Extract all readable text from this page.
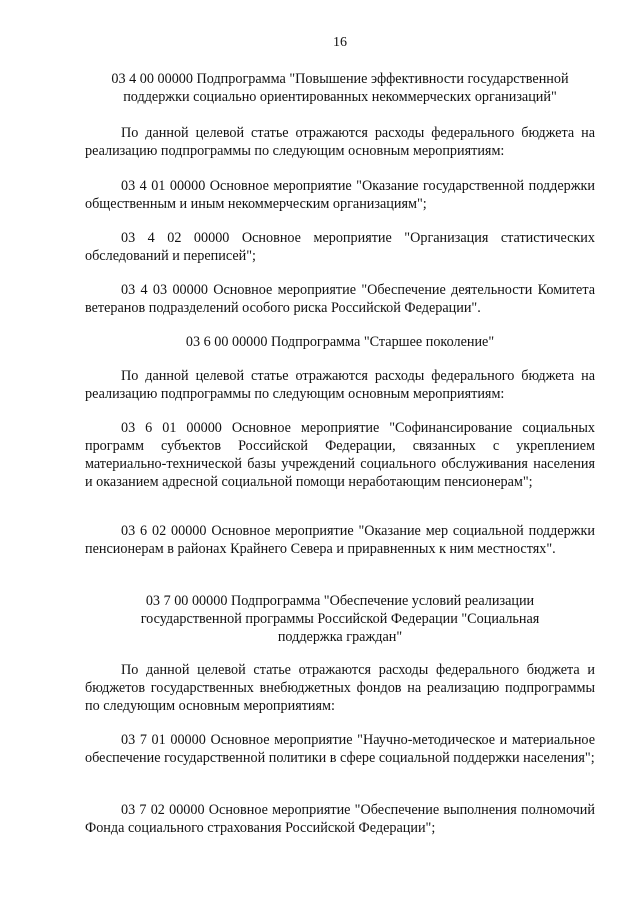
16
03 4 00 00000 Подпрограмма "Повышение эффективности государственной поддержки социально ориентированных некоммерческих организаций"
По данной целевой статье отражаются расходы федерального бюджета на реализацию подпрограммы по следующим основным мероприятиям:
03 4 01 00000 Основное мероприятие "Оказание государственной поддержки общественным и иным некоммерческим организациям";
03 4 02 00000 Основное мероприятие "Организация статистических обследований и переписей";
03 4 03 00000 Основное мероприятие "Обеспечение деятельности Комитета ветеранов подразделений особого риска Российской Федерации".
03 6 00 00000 Подпрограмма "Старшее поколение"
По данной целевой статье отражаются расходы федерального бюджета на реализацию подпрограммы по следующим основным мероприятиям:
03 6 01 00000 Основное мероприятие "Софинансирование социальных программ субъектов Российской Федерации, связанных с укреплением материально-технической базы учреждений социального обслуживания населения и оказанием адресной социальной помощи неработающим пенсионерам";
03 6 02 00000 Основное мероприятие "Оказание мер социальной поддержки пенсионерам в районах Крайнего Севера и приравненных к ним местностях".
03 7 00 00000 Подпрограмма "Обеспечение условий реализации государственной программы Российской Федерации "Социальная поддержка граждан"
По данной целевой статье отражаются расходы федерального бюджета и бюджетов государственных внебюджетных фондов на реализацию подпрограммы по следующим основным мероприятиям:
03 7 01 00000 Основное мероприятие "Научно-методическое и материальное обеспечение государственной политики в сфере социальной поддержки населения";
03 7 02 00000 Основное мероприятие "Обеспечение выполнения полномочий Фонда социального страхования Российской Федерации";
